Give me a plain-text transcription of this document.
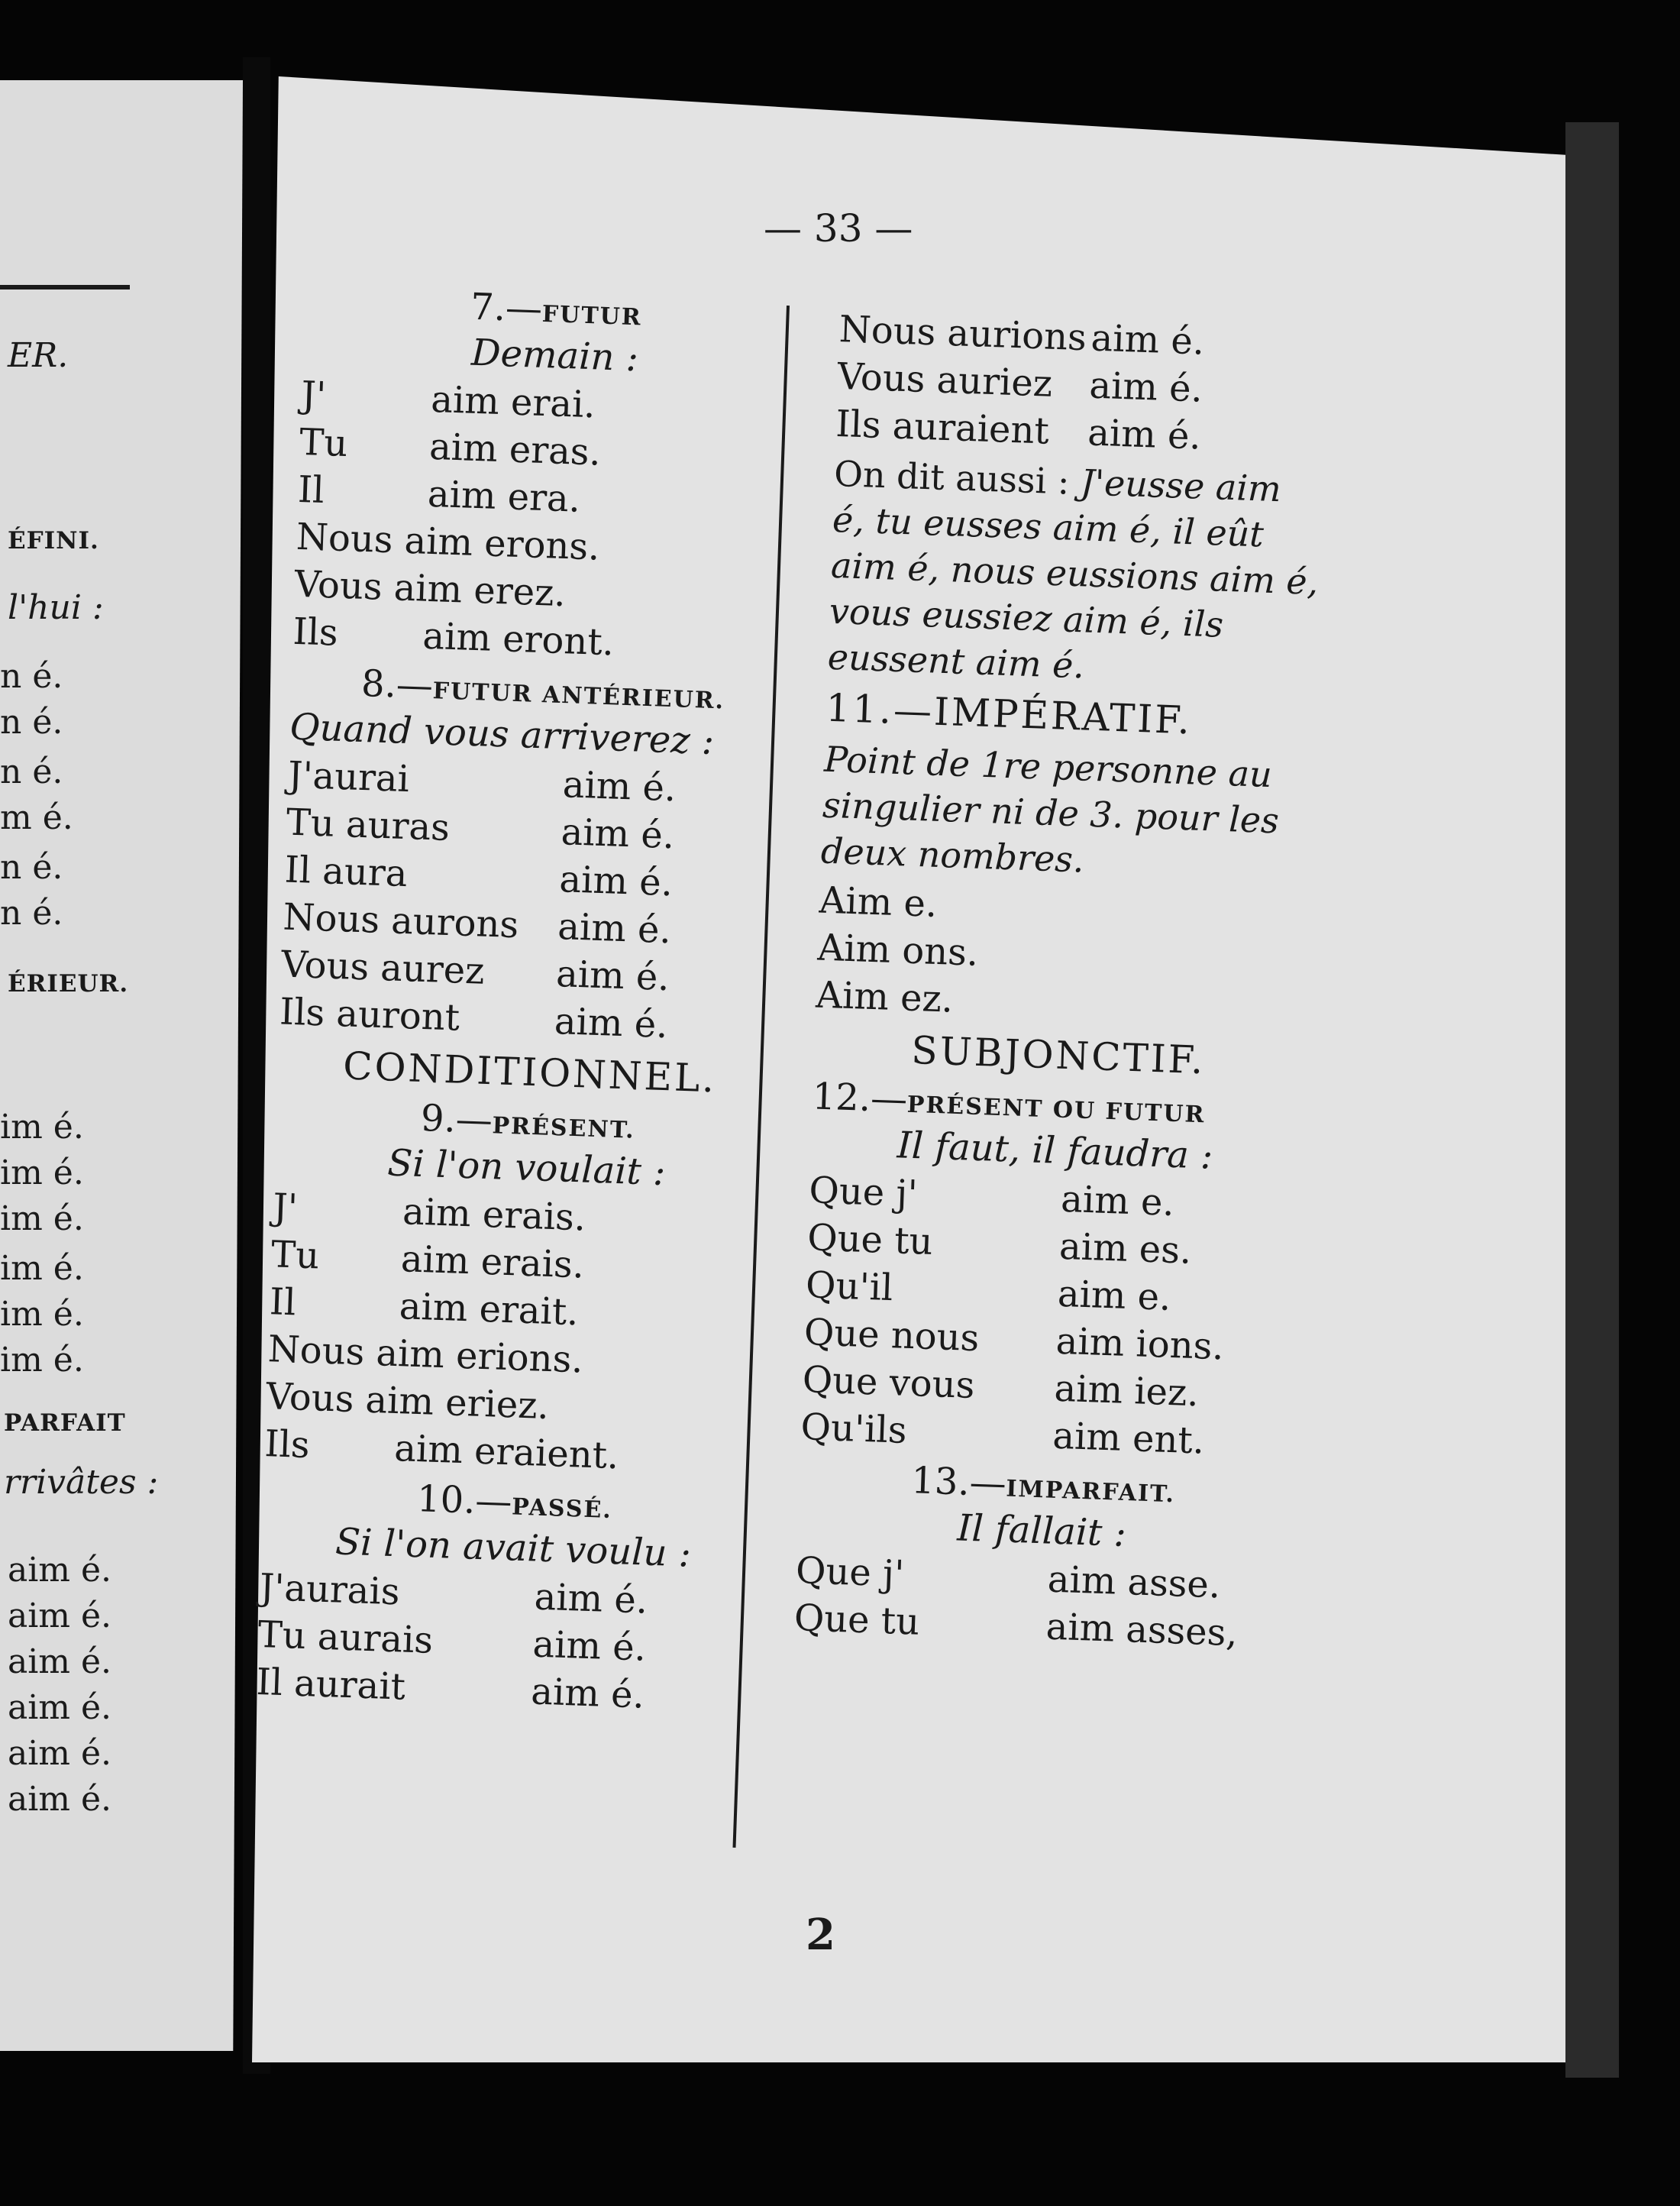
ER.
ÉFINI.
l'hui :
n é.
n é.
n é.
m é.
n é.
n é.
ÉRIEUR.
im é.
im é.
im é.
im é.
im é.
im é.
PARFAIT
rrivâtes :
aim é.
aim é.
aim é.
aim é.
aim é.
aim é.
— 33 —
7.—FUTUR
Demain :
J'	aim erai.
Tu	aim eras.
Il	aim era.
Nous aim erons.
Vous aim erez.
Ils	aim eront.
8.—FUTUR ANTÉRIEUR.
Quand vous arriverez :
J'aurai	aim é.
Tu auras	aim é.
Il aura	aim é.
Nous aurons	aim é.
Vous aurez	aim é.
Ils auront	aim é.
CONDITIONNEL.
9.—PRÉSENT.
Si l'on voulait :
J'	aim erais.
Tu	aim erais.
Il	aim erait.
Nous aim erions.
Vous aim eriez.
Ils	aim eraient.
10.—PASSÉ.
Si l'on avait voulu :
J'aurais	aim é.
Tu aurais	aim é.
Il aurait	aim é.
Nous aurions aim é.
Vous auriez aim é.
Ils auraient	aim é.
On dit aussi : J'eusse aim é, tu eusses aim é, il eût aim é, nous eussions aim é, vous eussiez aim é, ils eussent aim é.
11.—IMPÉRATIF.
Point de 1re personne au singulier ni de 3. pour les deux nombres.
Aim e.
Aim ons.
Aim ez.
SUBJONCTIF.
12.—PRÉSENT OU FUTUR
Il faut, il faudra :
Que j'	aim e.
Que tu	aim es.
Qu'il	aim e.
Que nous	aim ions.
Que vous	aim iez.
Qu'ils	aim ent.
13.—IMPARFAIT.
Il fallait :
Que j'	aim asse.
Que tu	aim asses,
2
